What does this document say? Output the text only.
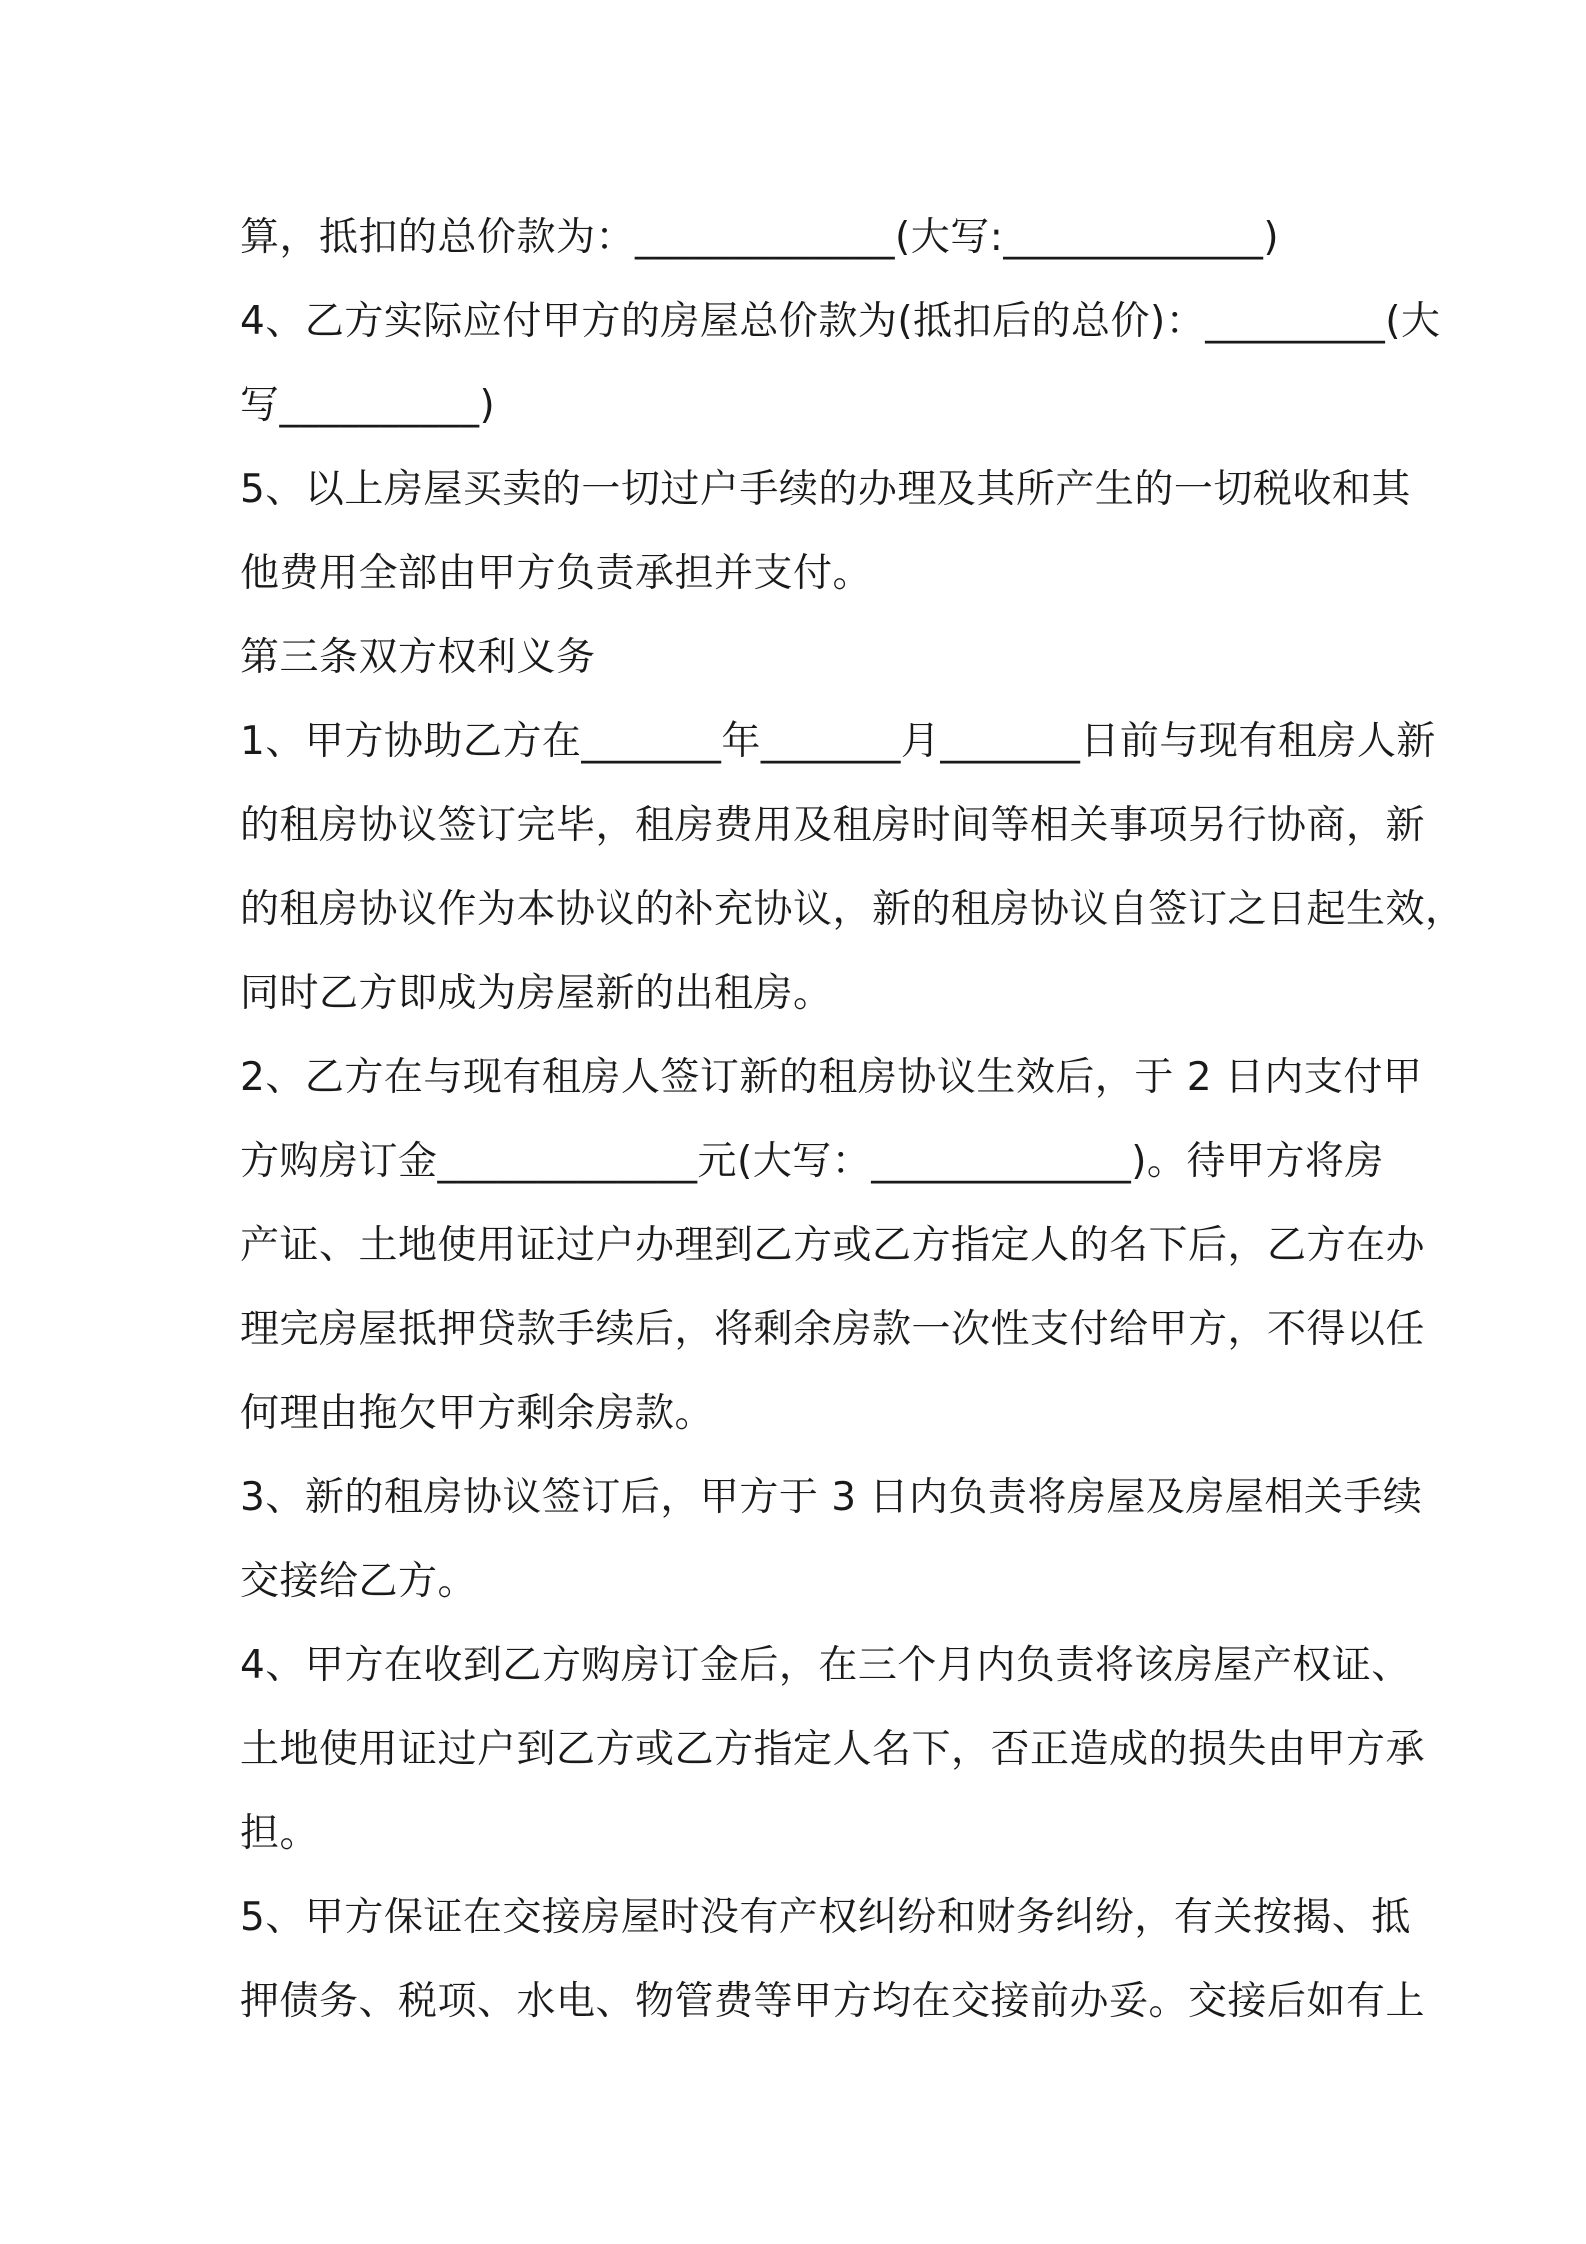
算，抵扣的总价款为：_____________(大写:_____________)
4、乙方实际应付甲方的房屋总价款为(抵扣后的总价)：_________(大
写__________)
5、以上房屋买卖的一切过户手续的办理及其所产生的一切税收和其
他费用全部由甲方负责承担并支付。
第三条双方权利义务
1、甲方协助乙方在_______年_______月_______日前与现有租房人新
的租房协议签订完毕，租房费用及租房时间等相关事项另行协商，新
的租房协议作为本协议的补充协议，新的租房协议自签订之日起生效，
同时乙方即成为房屋新的出租房。
2、乙方在与现有租房人签订新的租房协议生效后，于 2 日内支付甲
方购房订金_____________元(大写：_____________)。待甲方将房
产证、土地使用证过户办理到乙方或乙方指定人的名下后，乙方在办
理完房屋抵押贷款手续后，将剩余房款一次性支付给甲方，不得以任
何理由拖欠甲方剩余房款。
3、新的租房协议签订后，甲方于 3 日内负责将房屋及房屋相关手续
交接给乙方。
4、甲方在收到乙方购房订金后，在三个月内负责将该房屋产权证、
土地使用证过户到乙方或乙方指定人名下，否正造成的损失由甲方承
担。
5、甲方保证在交接房屋时没有产权纠纷和财务纠纷，有关按揭、抵
押债务、税项、水电、物管费等甲方均在交接前办妥。交接后如有上
